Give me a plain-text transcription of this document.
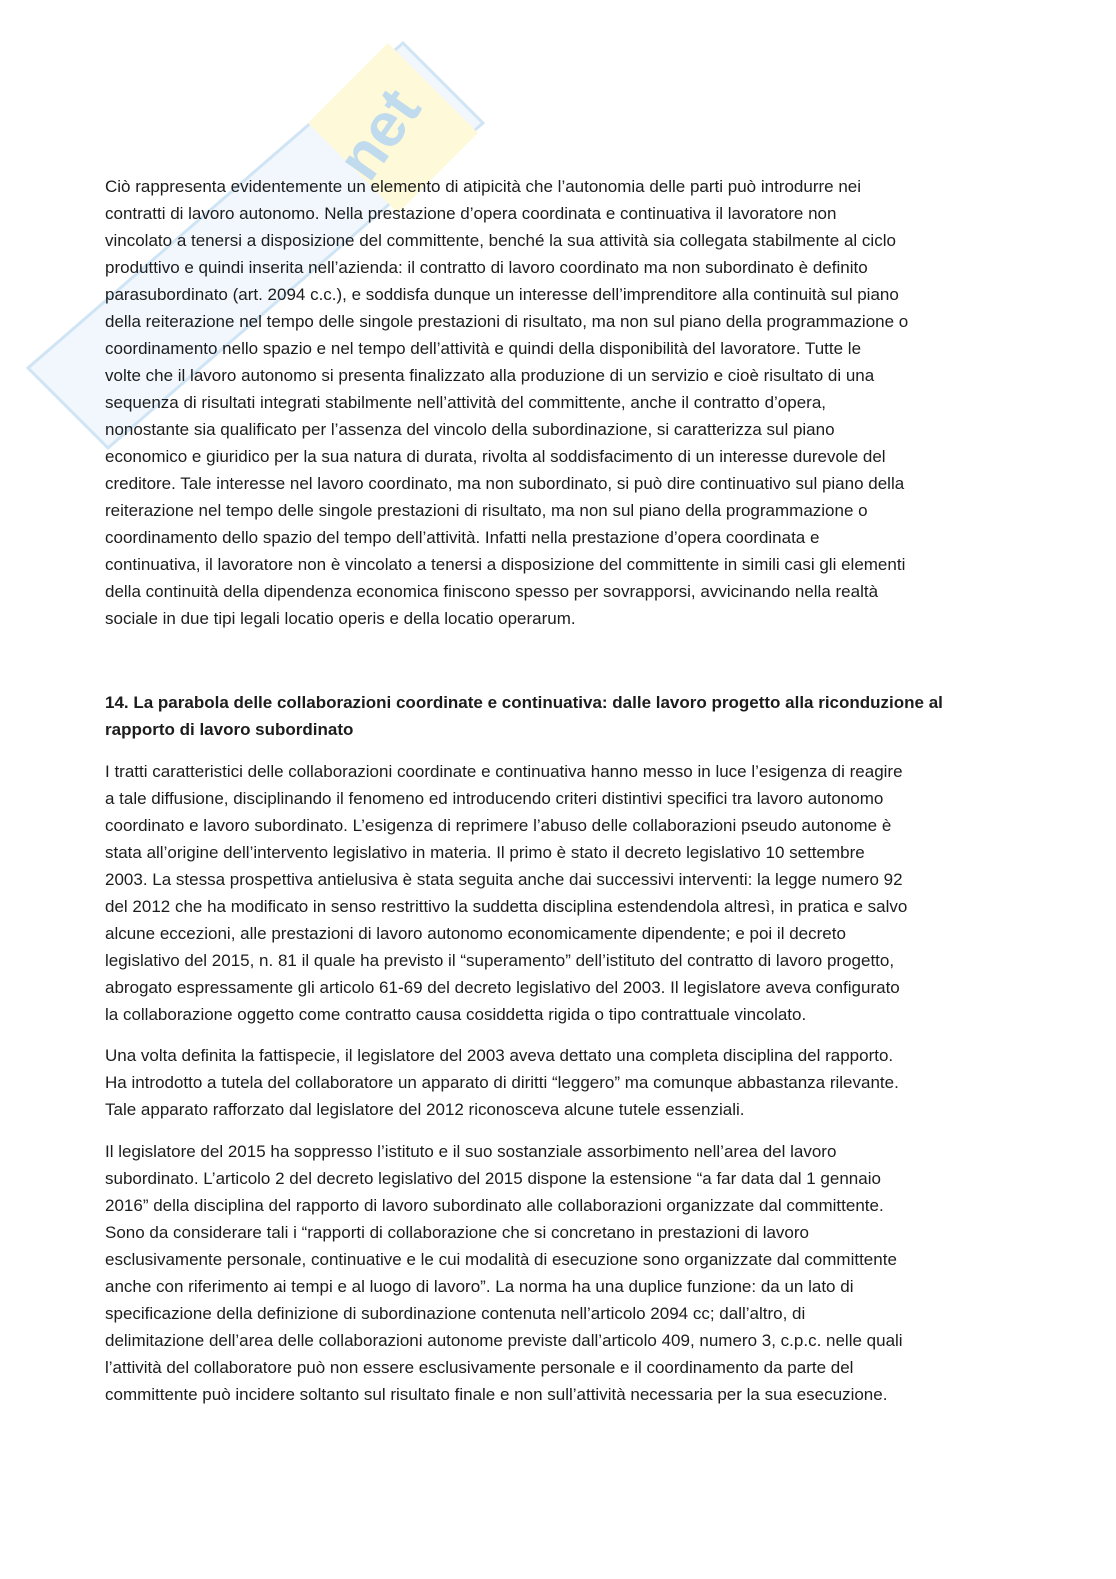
net
Ciò rappresenta evidentemente un elemento di atipicità che l’autonomia delle parti può introdurre nei
contratti di lavoro autonomo. Nella prestazione d’opera coordinata e continuativa il lavoratore non
vincolato a tenersi a disposizione del committente, benché la sua attività sia collegata stabilmente al ciclo
produttivo e quindi inserita nell’azienda: il contratto di lavoro coordinato ma non subordinato è definito
parasubordinato (art. 2094 c.c.), e soddisfa dunque un interesse dell’imprenditore alla continuità sul piano
della reiterazione nel tempo delle singole prestazioni di risultato, ma non sul piano della programmazione o
coordinamento nello spazio e nel tempo dell’attività e quindi della disponibilità del lavoratore. Tutte le
volte che il lavoro autonomo si presenta finalizzato alla produzione di un servizio e cioè risultato di una
sequenza di risultati integrati stabilmente nell’attività del committente, anche il contratto d’opera,
nonostante sia qualificato per l’assenza del vincolo della subordinazione, si caratterizza sul piano
economico e giuridico per la sua natura di durata, rivolta al soddisfacimento di un interesse durevole del
creditore. Tale interesse nel lavoro coordinato, ma non subordinato, si può dire continuativo sul piano della
reiterazione nel tempo delle singole prestazioni di risultato, ma non sul piano della programmazione o
coordinamento dello spazio del tempo dell’attività. Infatti nella prestazione d’opera coordinata e
continuativa, il lavoratore non è vincolato a tenersi a disposizione del committente in simili casi gli elementi
della continuità della dipendenza economica finiscono spesso per sovrapporsi, avvicinando nella realtà
sociale in due tipi legali locatio operis e della locatio operarum.
14. La parabola delle collaborazioni coordinate e continuativa: dalle lavoro progetto alla riconduzione al
rapporto di lavoro subordinato
I tratti caratteristici delle collaborazioni coordinate e continuativa hanno messo in luce l’esigenza di reagire
a tale diffusione, disciplinando il fenomeno ed introducendo criteri distintivi specifici tra lavoro autonomo
coordinato e lavoro subordinato. L’esigenza di reprimere l’abuso delle collaborazioni pseudo autonome è
stata all’origine dell’intervento legislativo in materia. Il primo è stato il decreto legislativo 10 settembre
2003. La stessa prospettiva antielusiva è stata seguita anche dai successivi interventi: la legge numero 92
del 2012 che ha modificato in senso restrittivo la suddetta disciplina estendendola altresì, in pratica e salvo
alcune eccezioni, alle prestazioni di lavoro autonomo economicamente dipendente; e poi il decreto
legislativo del 2015, n. 81 il quale ha previsto il “superamento” dell’istituto del contratto di lavoro progetto,
abrogato espressamente gli articolo 61-69 del decreto legislativo del 2003. Il legislatore aveva configurato
la collaborazione oggetto come contratto causa cosiddetta rigida o tipo contrattuale vincolato.
Una volta definita la fattispecie, il legislatore del 2003 aveva dettato una completa disciplina del rapporto.
Ha introdotto a tutela del collaboratore un apparato di diritti “leggero” ma comunque abbastanza rilevante.
Tale apparato rafforzato dal legislatore del 2012 riconosceva alcune tutele essenziali.
Il legislatore del 2015 ha soppresso l’istituto e il suo sostanziale assorbimento nell’area del lavoro
subordinato. L’articolo 2 del decreto legislativo del 2015 dispone la estensione “a far data dal 1 gennaio
2016” della disciplina del rapporto di lavoro subordinato alle collaborazioni organizzate dal committente.
Sono da considerare tali i “rapporti di collaborazione che si concretano in prestazioni di lavoro
esclusivamente personale, continuative e le cui modalità di esecuzione sono organizzate dal committente
anche con riferimento ai tempi e al luogo di lavoro”. La norma ha una duplice funzione: da un lato di
specificazione della definizione di subordinazione contenuta nell’articolo 2094 cc; dall’altro, di
delimitazione dell’area delle collaborazioni autonome previste dall’articolo 409, numero 3, c.p.c. nelle quali
l’attività del collaboratore può non essere esclusivamente personale e il coordinamento da parte del
committente può incidere soltanto sul risultato finale e non sull’attività necessaria per la sua esecuzione.
